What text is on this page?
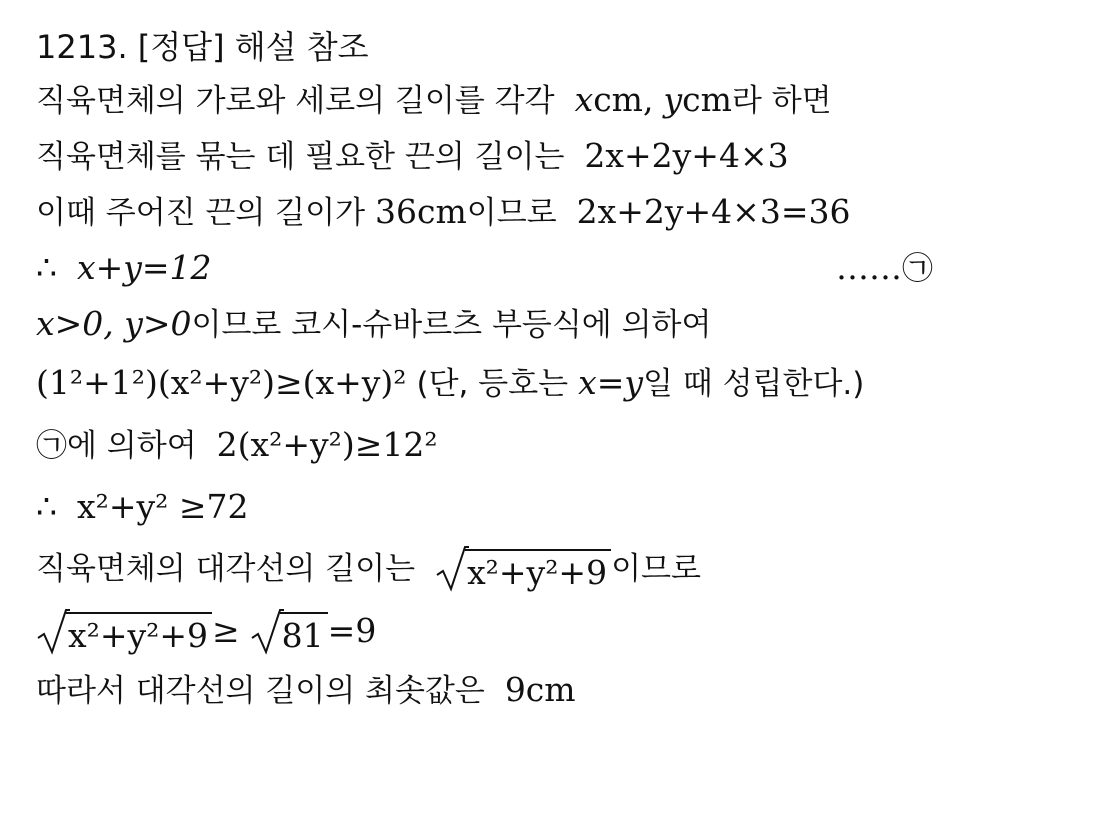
1213. [정답] 해설 참조
직육면체의 가로와 세로의 길이를 각각 xcm, ycm라 하면
직육면체를 묶는 데 필요한 끈의 길이는 2x+2y+4×3
이때 주어진 끈의 길이가 36cm이므로 2x+2y+4×3=36
∴ x+y=12	……㉠
x>0, y>0이므로 코시-슈바르츠 부등식에 의하여
(1²+1²)(x²+y²)≥(x+y)² (단, 등호는 x=y일 때 성립한다.)
㉠에 의하여 2(x²+y²)≥12²
∴ x²+y² ≥72
직육면체의 대각선의 길이는 x²+y²+9 이므로
x²+y²+9 ≥ 81 =9
따라서 대각선의 길이의 최솟값은 9cm
